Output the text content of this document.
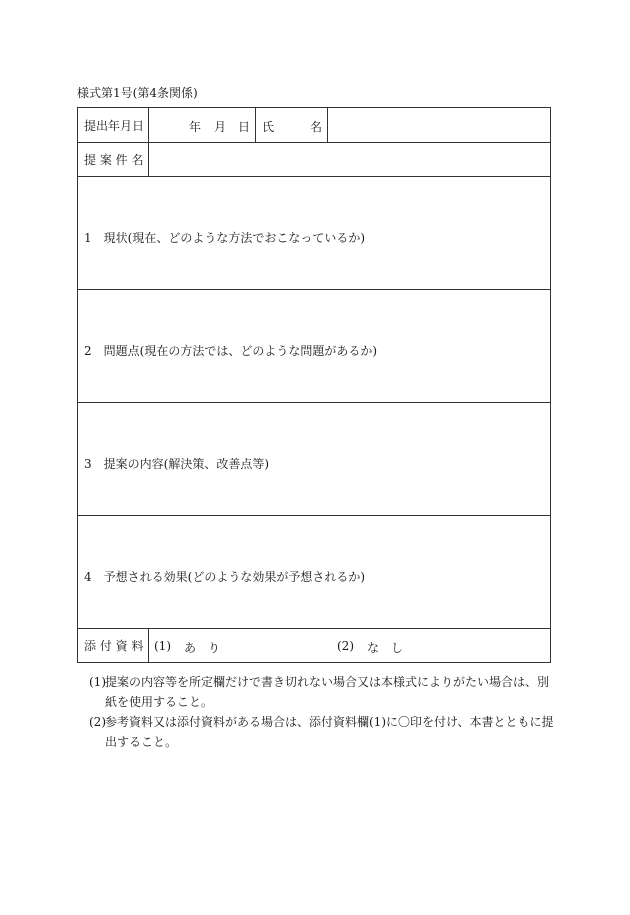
様式第1号(第4条関係)
提出年月日	年 月 日	氏 名	

提 案 件 名			

1　現状(現在、どのような方法でおこなっているか)			

2　問題点(現在の方法では、どのような問題があるか)			

3　提案の内容(解決策、改善点等)			

4　予想される効果(どのような効果が予想されるか)			

添 付 資 料	(1) あ　り (2) な　し		
(1) 提案の内容等を所定欄だけで書き切れない場合又は本様式によりがたい場合は、別紙を使用すること。
(2) 参考資料又は添付資料がある場合は、添付資料欄(1)に〇印を付け、本書とともに提出すること。
